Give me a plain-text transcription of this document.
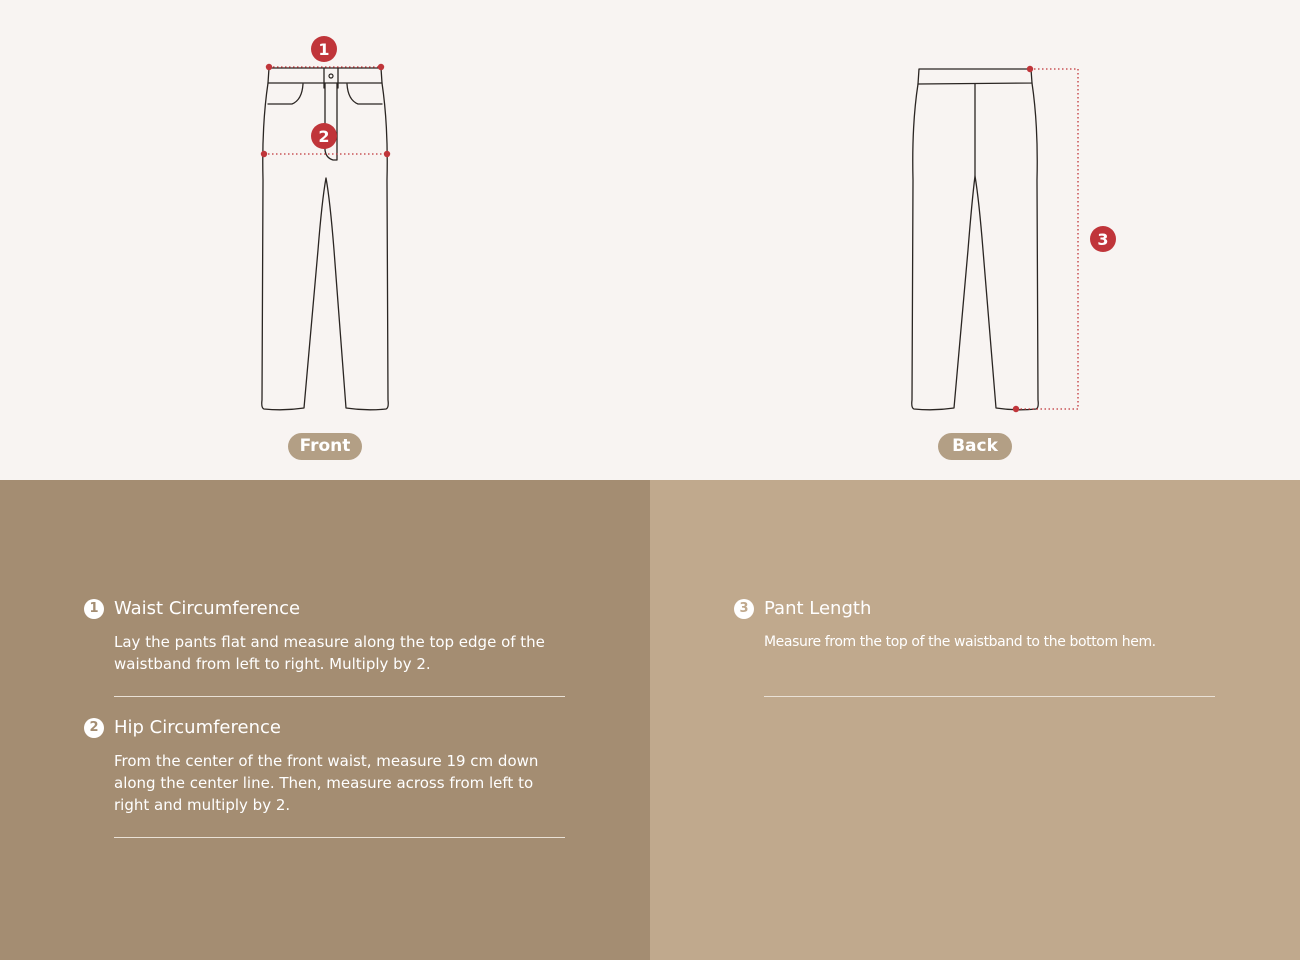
1
2
Front
3
Back
1 Waist Circumference
Lay the pants flat and measure along the top edge of the waistband from left to right. Multiply by 2.
2 Hip Circumference
From the center of the front waist, measure 19 cm down along the center line. Then, measure across from left to right and multiply by 2.
3 Pant Length
Measure from the top of the waistband to the bottom hem.
